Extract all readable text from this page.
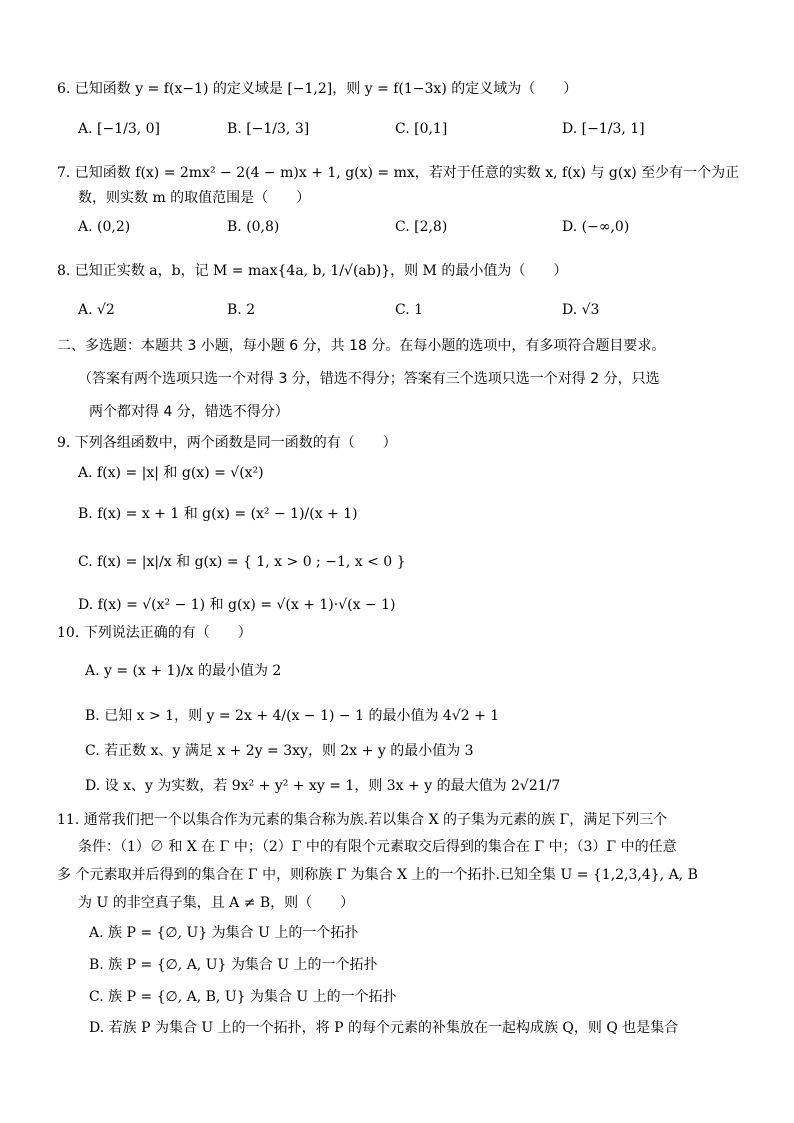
6. 已知函数 y = f(x−1) 的定义域是 [−1,2]，则 y = f(1−3x) 的定义域为（　　）
A. [−1/3, 0]	B. [−1/3, 3]	C. [0,1]	D. [−1/3, 1]
7. 已知函数 f(x) = 2mx² − 2(4 − m)x + 1, g(x) = mx，若对于任意的实数 x, f(x) 与 g(x) 至少有一个为正
数，则实数 m 的取值范围是（　　）
A. (0,2)	B. (0,8)	C. [2,8)	D. (−∞,0)
8. 已知正实数 a，b，记 M = max{4a, b, 1/√(ab)}，则 M 的最小值为（　　）
A. √2	B. 2	C. 1	D. √3
二、多选题：本题共 3 小题，每小题 6 分，共 18 分。在每小题的选项中，有多项符合题目要求。
（答案有两个选项只选一个对得 3 分，错选不得分；答案有三个选项只选一个对得 2 分，只选
两个都对得 4 分，错选不得分）
9. 下列各组函数中，两个函数是同一函数的有（　　）
A. f(x) = |x| 和 g(x) = √(x²)
B. f(x) = x + 1 和 g(x) = (x² − 1)/(x + 1)
C. f(x) = |x|/x 和 g(x) = { 1, x > 0 ; −1, x < 0 }
D. f(x) = √(x² − 1) 和 g(x) = √(x + 1)·√(x − 1)
10. 下列说法正确的有（　　）
A. y = (x + 1)/x 的最小值为 2
B. 已知 x > 1，则 y = 2x + 4/(x − 1) − 1 的最小值为 4√2 + 1
C. 若正数 x、y 满足 x + 2y = 3xy，则 2x + y 的最小值为 3
D. 设 x、y 为实数，若 9x² + y² + xy = 1，则 3x + y 的最大值为 2√21/7
11. 通常我们把一个以集合作为元素的集合称为族.若以集合 X 的子集为元素的族 Γ，满足下列三个
条件：（1）∅ 和 X 在 Γ 中；（2）Γ 中的有限个元素取交后得到的集合在 Γ 中；（3）Γ 中的任意
多 个元素取并后得到的集合在 Γ 中，则称族 Γ 为集合 X 上的一个拓扑.已知全集 U = {1,2,3,4}, A, B
为 U 的非空真子集，且 A ≠ B，则（　　）
A. 族 P = {∅, U} 为集合 U 上的一个拓扑
B. 族 P = {∅, A, U} 为集合 U 上的一个拓扑
C. 族 P = {∅, A, B, U} 为集合 U 上的一个拓扑
D. 若族 P 为集合 U 上的一个拓扑，将 P 的每个元素的补集放在一起构成族 Q，则 Q 也是集合
